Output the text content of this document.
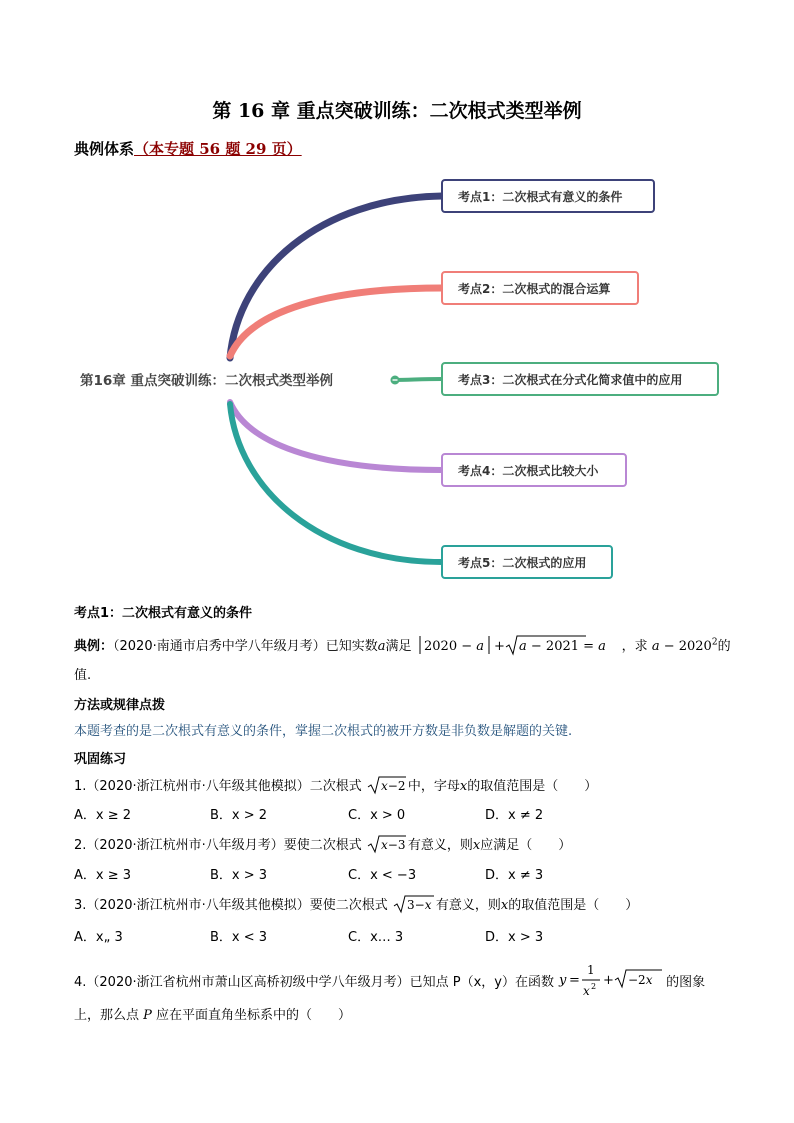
第 16 章 重点突破训练：二次根式类型举例
典例体系（本专题 56 题 29 页）
第16章 重点突破训练：二次根式类型举例
考点1：二次根式有意义的条件
考点2：二次根式的混合运算
考点3：二次根式在分式化简求值中的应用
考点4：二次根式比较大小
考点5：二次根式的应用
考点1：二次根式有意义的条件
典例：（2020·南通市启秀中学八年级月考）已知实数a满足 2020 − a + a − 2021 = a ，求 $a - 2020^2$的
值.
方法或规律点拨
本题考查的是二次根式有意义的条件，掌握二次根式的被开方数是非负数是解题的关键.
巩固练习
1.（2020·浙江杭州市·八年级其他模拟）二次根式 x−2 中，字母x的取值范围是（　　）
A．x ≥ 2	B．x > 2	C．x > 0	D．x ≠ 2
2.（2020·浙江杭州市·八年级月考）要使二次根式 x−3 有意义，则x应满足（　　）
A．x ≥ 3	B．x > 3	C．x < −3	D．x ≠ 3
3.（2020·浙江杭州市·八年级其他模拟）要使二次根式 3−x 有意义，则x的取值范围是（　　）
A．x„ 3	B．x < 3	C．x… 3	D．x > 3
4.（2020·浙江省杭州市萧山区高桥初级中学八年级月考）已知点 P（x，y）在函数 y =
1
x 2 + −2x 的图象
上，那么点 P 应在平面直角坐标系中的（　　）
